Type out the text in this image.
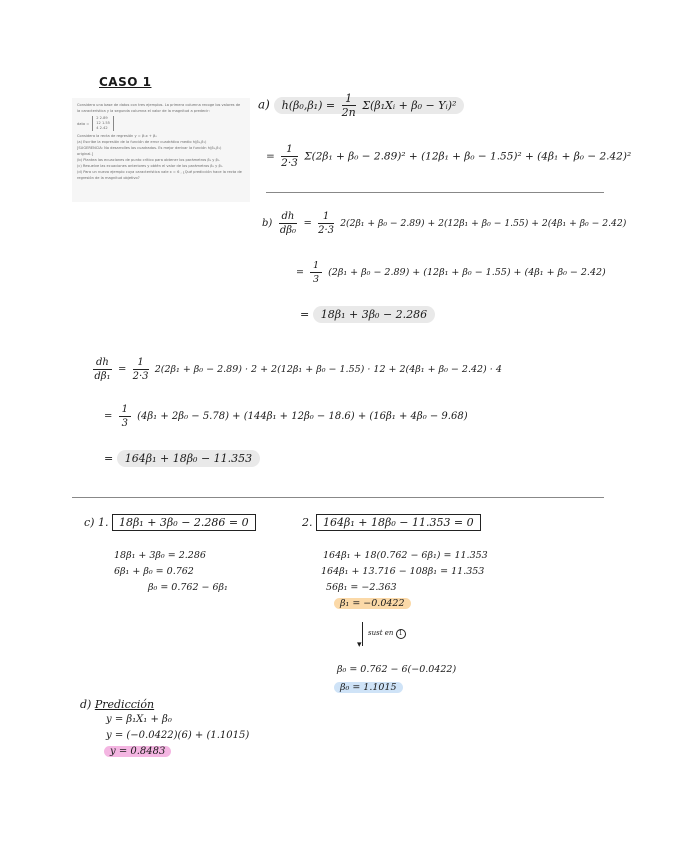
CASO 1
Considera una base de datos con tres ejemplos. La primera columna recoge los valores de
la característica y la segunda columna el valor de la magnitud a predecir:
data =
2 2.89
12 1.55
4 2.42
Considera la recta de regresión y = β₁x + β₀
(a) Escribe la expresión de la función de error cuadrático medio h(β₀,β₁)
[SUGERENCIA: No desarrolles los cuadrados. Es mejor derivar la función h(β₀,β₁)
original.]
(b) Plantea las ecuaciones de punto crítico para obtener los parámetros β₀ y β₁.
(c) Resuelve las ecuaciones anteriores y obtén el valor de los parámetros β₀ y β₁.
(d) Para un nuevo ejemplo cuya característica vale x = 6 , ¿Qué predicción hace la recta de
regresión de la magnitud objetivo?
a) $h(\beta_0,\beta_1) = \frac{1}{2n}$ Σ(β₁Xᵢ + β₀ − Yᵢ)²
= $\frac{1}{2\cdot 3} \Sigma(2\beta_1 + \beta_0 - 2.89)^2 + (12\beta_1 + \beta_0 - 1.55)^2 + (4\beta_1 + \beta_0 - 2.42)^2$
$b) \frac{dh}{\text{dβ₀}} = \frac{1}{2\cdot 3} 2(2\beta_1 + \beta_0 - 2.89) + 2(12\beta_1 + \beta_0 - 1.55) + 2(4\beta_1 + \beta_0 - 2.42)$
= $\frac{1}{3} (2\beta_1 + \beta_0 - 2.89) + (12\beta_1 + \beta_0 - 1.55) + (4\beta_1 + \beta_0 - 2.42)$
= 18β₁ + 3β₀ − 2.286
$\frac{dh}{\text{dβ₁}} = \frac{1}{2\cdot 3} 2(2\beta_1 + \beta_0 - 2.89) \cdot 2 + 2(12\beta_1 + \beta_0 - 1.55) \cdot 12 + 2(4\beta_1 + \beta_0 - 2.42) \cdot 4$
= $\frac{1}{3} (4\beta_1 + 2\beta_0 - 5.78) + (144\beta_1 + 12\beta_0 - 18.6) + (16\beta_1 + 4\beta_0 - 9.68)$
= 164β₁ + 18β₀ − 11.353
c) 1. 18β₁ + 3β₀ − 2.286 = 0	2. 164β₁ + 18β₀ − 11.353 = 0
18β₁ + 3β₀ = 2.286
6β₁ + β₀ = 0.762
β₀ = 0.762 − 6β₁
164β₁ + 18(0.762 − 6β₁) = 11.353
164β₁ + 13.716 − 108β₁ = 11.353
56β₁ = −2.363
β₁ = −0.0422
▾
sust en 1
β₀ = 0.762 − 6(−0.0422)
β₀ = 1.1015
d) Predicción
y = β₁X₁ + β₀
y = (−0.0422)(6) + (1.1015)
y = 0.8483
